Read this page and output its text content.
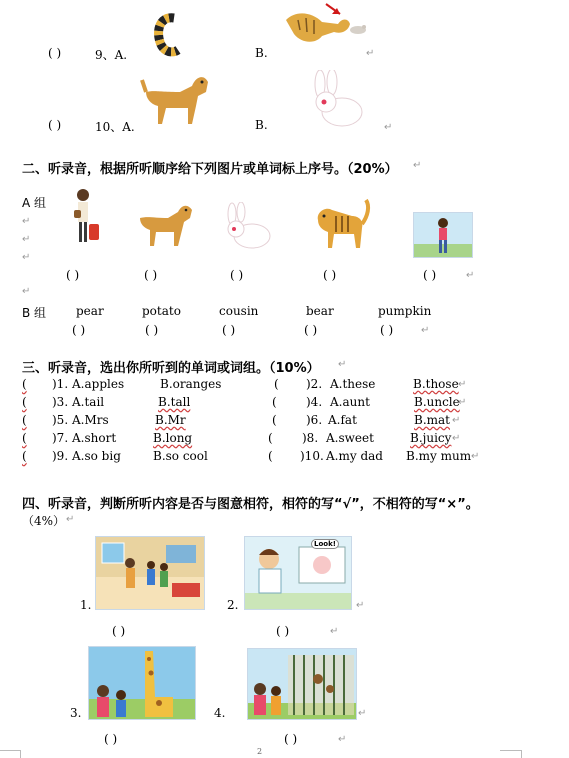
( )	9、A.	B.	↵
( )	10、A.	B.	↵
二、听录音，根据所听顺序给下列图片或单词标上序号。（20%） ↵
A 组
↵
↵
↵
( )	( )	( )	( )	( )	↵
↵
B 组 pear	potato	cousin	bear	pumpkin
( )	( )	( )	( )	( )	↵
三、听录音，选出你所听到的单词或词组。（10%） ↵
( )1. A.apples	B.oranges	( )2. A.these	B.those ↵
( )3. A.tail	B.tall	( )4. A.aunt	B.uncle
↵
( )5. A.Mrs	B.Mr	( )6. A.fat	B.mat ↵
( )7. A.short	B.long	( )8. A.sweet	B.juicy ↵
( )9. A.so big	B.so cool	( )10. A.my dad B.my mum ↵
四、听录音，判断所听内容是否与图意相符，相符的写“√”，不相符的写“×”。
（4%） ↵
1.
Look!
2.	↵
( )	( )	↵
3.	4.	↵
( )	( )	↵
2
